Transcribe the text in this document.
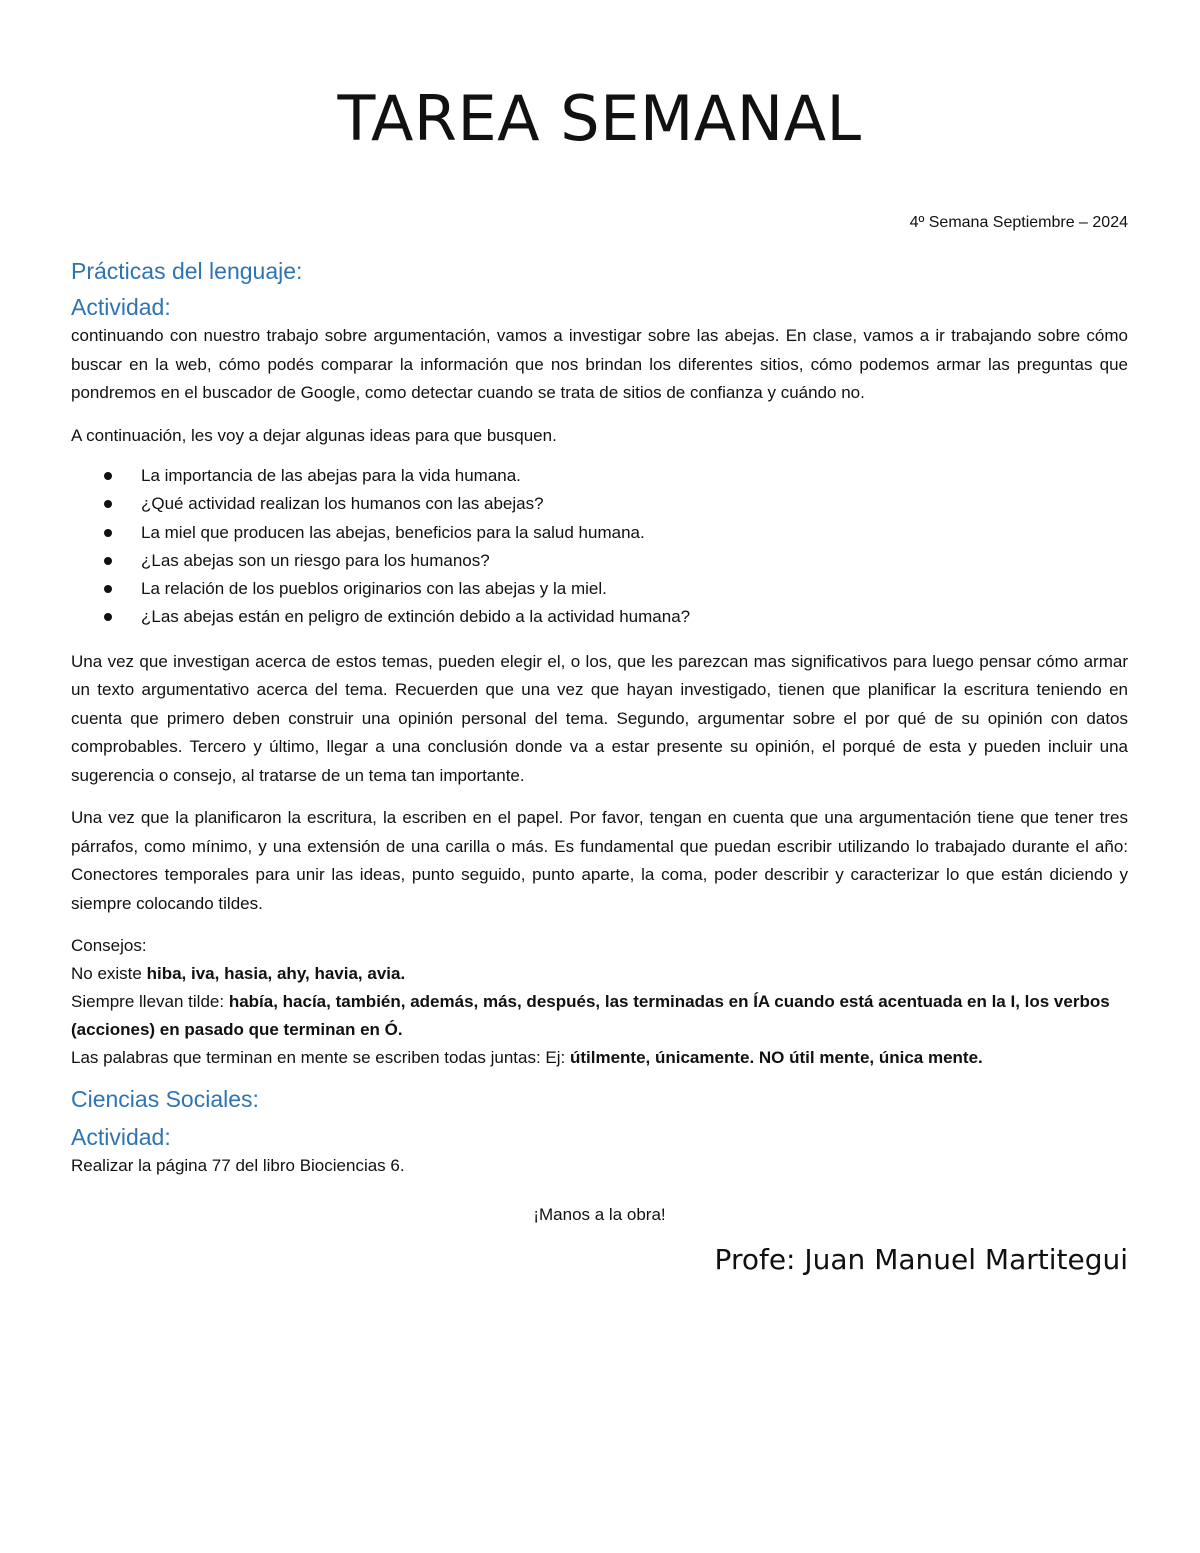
TAREA SEMANAL
4º Semana Septiembre – 2024
Prácticas del lenguaje:
Actividad:

continuando con nuestro trabajo sobre argumentación, vamos a investigar sobre las abejas. En clase, vamos a ir trabajando sobre cómo buscar en la web, cómo podés comparar la información que nos brindan los diferentes sitios, cómo podemos armar las preguntas que pondremos en el buscador de Google, como detectar cuando se trata de sitios de confianza y cuándo no.

A continuación, les voy a dejar algunas ideas para que busquen.

La importancia de las abejas para la vida humana.
¿Qué actividad realizan los humanos con las abejas?
La miel que producen las abejas, beneficios para la salud humana.
¿Las abejas son un riesgo para los humanos?
La relación de los pueblos originarios con las abejas y la miel.
¿Las abejas están en peligro de extinción debido a la actividad humana?

Una vez que investigan acerca de estos temas, pueden elegir el, o los, que les parezcan mas significativos para luego pensar cómo armar un texto argumentativo acerca del tema. Recuerden que una vez que hayan investigado, tienen que planificar la escritura teniendo en cuenta que primero deben construir una opinión personal del tema. Segundo, argumentar sobre el por qué de su opinión con datos comprobables. Tercero y último, llegar a una conclusión donde va a estar presente su opinión, el porqué de esta y pueden incluir una sugerencia o consejo, al tratarse de un tema tan importante.

Una vez que la planificaron la escritura, la escriben en el papel. Por favor, tengan en cuenta que una argumentación tiene que tener tres párrafos, como mínimo, y una extensión de una carilla o más. Es fundamental que puedan escribir utilizando lo trabajado durante el año: Conectores temporales para unir las ideas, punto seguido, punto aparte, la coma, poder describir y caracterizar lo que están diciendo y siempre colocando tildes.

Consejos:

No existe hiba, iva, hasia, ahy, havia, avia.

Siempre llevan tilde: había, hacía, también, además, más, después, las terminadas en ÍA cuando está acentuada en la I, los verbos (acciones) en pasado que terminan en Ó.

Las palabras que terminan en mente se escriben todas juntas: Ej: útilmente, únicamente. NO útil mente, única mente.

Ciencias Sociales:
Actividad:

Realizar la página 77 del libro Biociencias 6.

¡Manos a la obra!

Profe: Juan Manuel Martitegui
